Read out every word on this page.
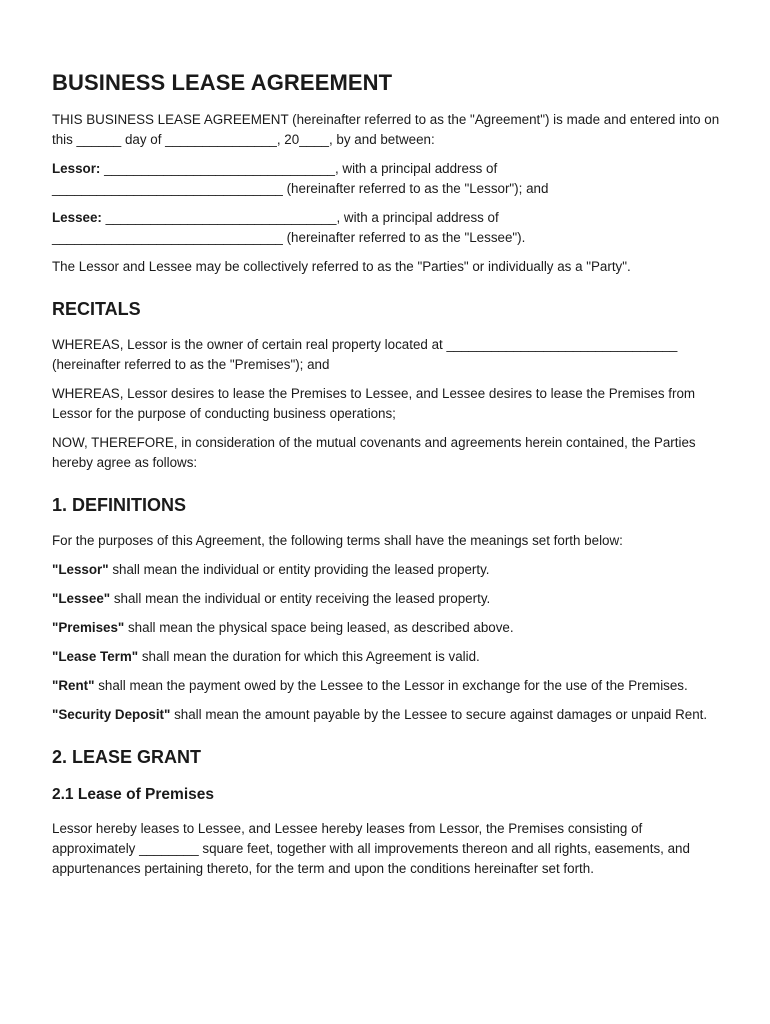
BUSINESS LEASE AGREEMENT

THIS BUSINESS LEASE AGREEMENT (hereinafter referred to as the "Agreement") is made and entered into on this ______ day of _______________, 20____, by and between:

Lessor: _______________________________, with a principal address of _______________________________ (hereinafter referred to as the "Lessor"); and

Lessee: _______________________________, with a principal address of _______________________________ (hereinafter referred to as the "Lessee").

The Lessor and Lessee may be collectively referred to as the "Parties" or individually as a "Party".

RECITALS

WHEREAS, Lessor is the owner of certain real property located at _______________________________ (hereinafter referred to as the "Premises"); and

WHEREAS, Lessor desires to lease the Premises to Lessee, and Lessee desires to lease the Premises from Lessor for the purpose of conducting business operations;

NOW, THEREFORE, in consideration of the mutual covenants and agreements herein contained, the Parties hereby agree as follows:

1. DEFINITIONS

For the purposes of this Agreement, the following terms shall have the meanings set forth below:

"Lessor" shall mean the individual or entity providing the leased property.

"Lessee" shall mean the individual or entity receiving the leased property.

"Premises" shall mean the physical space being leased, as described above.

"Lease Term" shall mean the duration for which this Agreement is valid.

"Rent" shall mean the payment owed by the Lessee to the Lessor in exchange for the use of the Premises.

"Security Deposit" shall mean the amount payable by the Lessee to secure against damages or unpaid Rent.

2. LEASE GRANT
2.1 Lease of Premises

Lessor hereby leases to Lessee, and Lessee hereby leases from Lessor, the Premises consisting of approximately ________ square feet, together with all improvements thereon and all rights, easements, and appurtenances pertaining thereto, for the term and upon the conditions hereinafter set forth.
